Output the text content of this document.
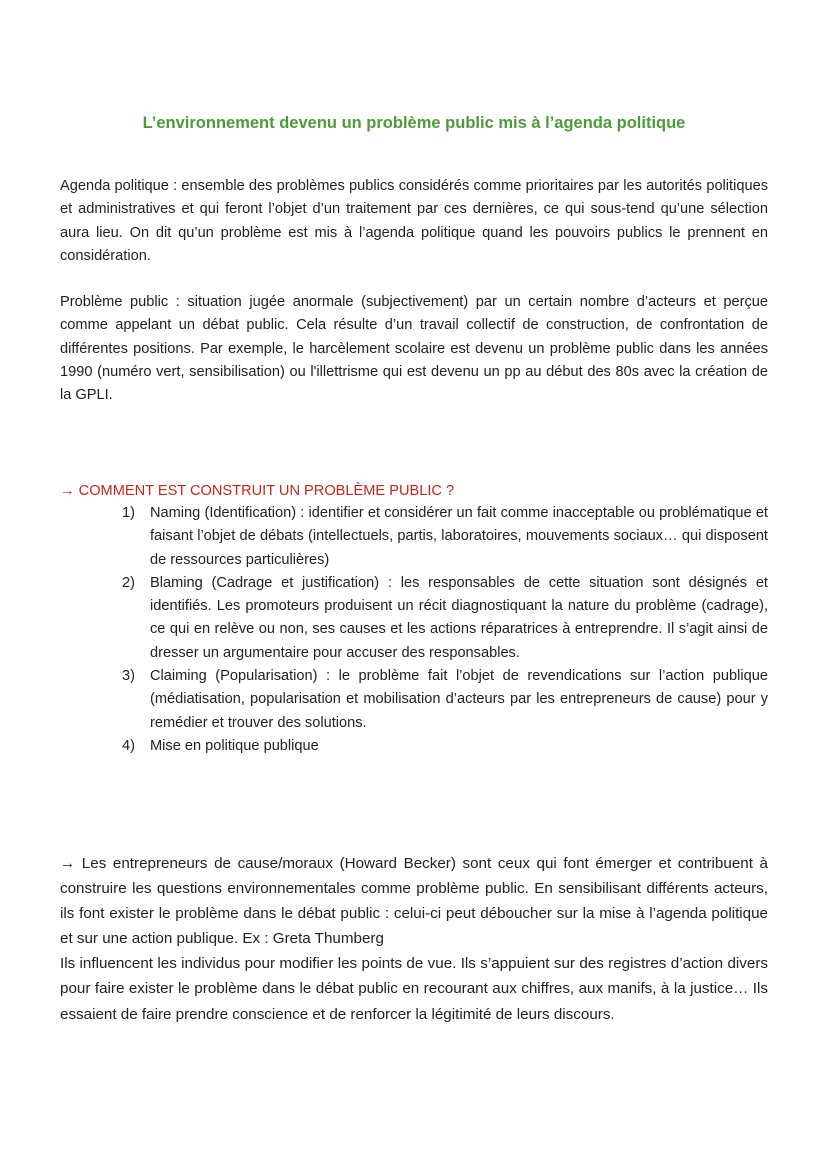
L’environnement devenu un problème public mis à l’agenda politique

Agenda politique : ensemble des problèmes publics considérés comme prioritaires par les autorités politiques et administratives et qui feront l’objet d’un traitement par ces dernières, ce qui sous-tend qu’une sélection aura lieu. On dit qu’un problème est mis à l’agenda politique quand les pouvoirs publics le prennent en considération.

Problème public : situation jugée anormale (subjectivement) par un certain nombre d’acteurs et perçue comme appelant un débat public. Cela résulte d’un travail collectif de construction, de confrontation de différentes positions. Par exemple, le harcèlement scolaire est devenu un problème public dans les années 1990 (numéro vert, sensibilisation) ou l'illettrisme qui est devenu un pp au début des 80s avec la création de la GPLI.

→ COMMENT EST CONSTRUIT UN PROBLÈME PUBLIC ?

1) Naming (Identification) : identifier et considérer un fait comme inacceptable ou problématique et faisant l’objet de débats (intellectuels, partis, laboratoires, mouvements sociaux… qui disposent de ressources particulières)
2) Blaming (Cadrage et justification) : les responsables de cette situation sont désignés et identifiés. Les promoteurs produisent un récit diagnostiquant la nature du problème (cadrage), ce qui en relève ou non, ses causes et les actions réparatrices à entreprendre. Il s’agit ainsi de dresser un argumentaire pour accuser des responsables.
3) Claiming (Popularisation) : le problème fait l’objet de revendications sur l’action publique (médiatisation, popularisation et mobilisation d’acteurs par les entrepreneurs de cause) pour y remédier et trouver des solutions.
4) Mise en politique publique
→ Les entrepreneurs de cause/moraux (Howard Becker) sont ceux qui font émerger et contribuent à construire les questions environnementales comme problème public. En sensibilisant différents acteurs, ils font exister le problème dans le débat public : celui-ci peut déboucher sur la mise à l’agenda politique et sur une action publique. Ex : Greta Thumberg
Ils influencent les individus pour modifier les points de vue. Ils s’appuient sur des registres d’action divers pour faire exister le problème dans le débat public en recourant aux chiffres, aux manifs, à la justice… Ils essaient de faire prendre conscience et de renforcer la légitimité de leurs discours.
